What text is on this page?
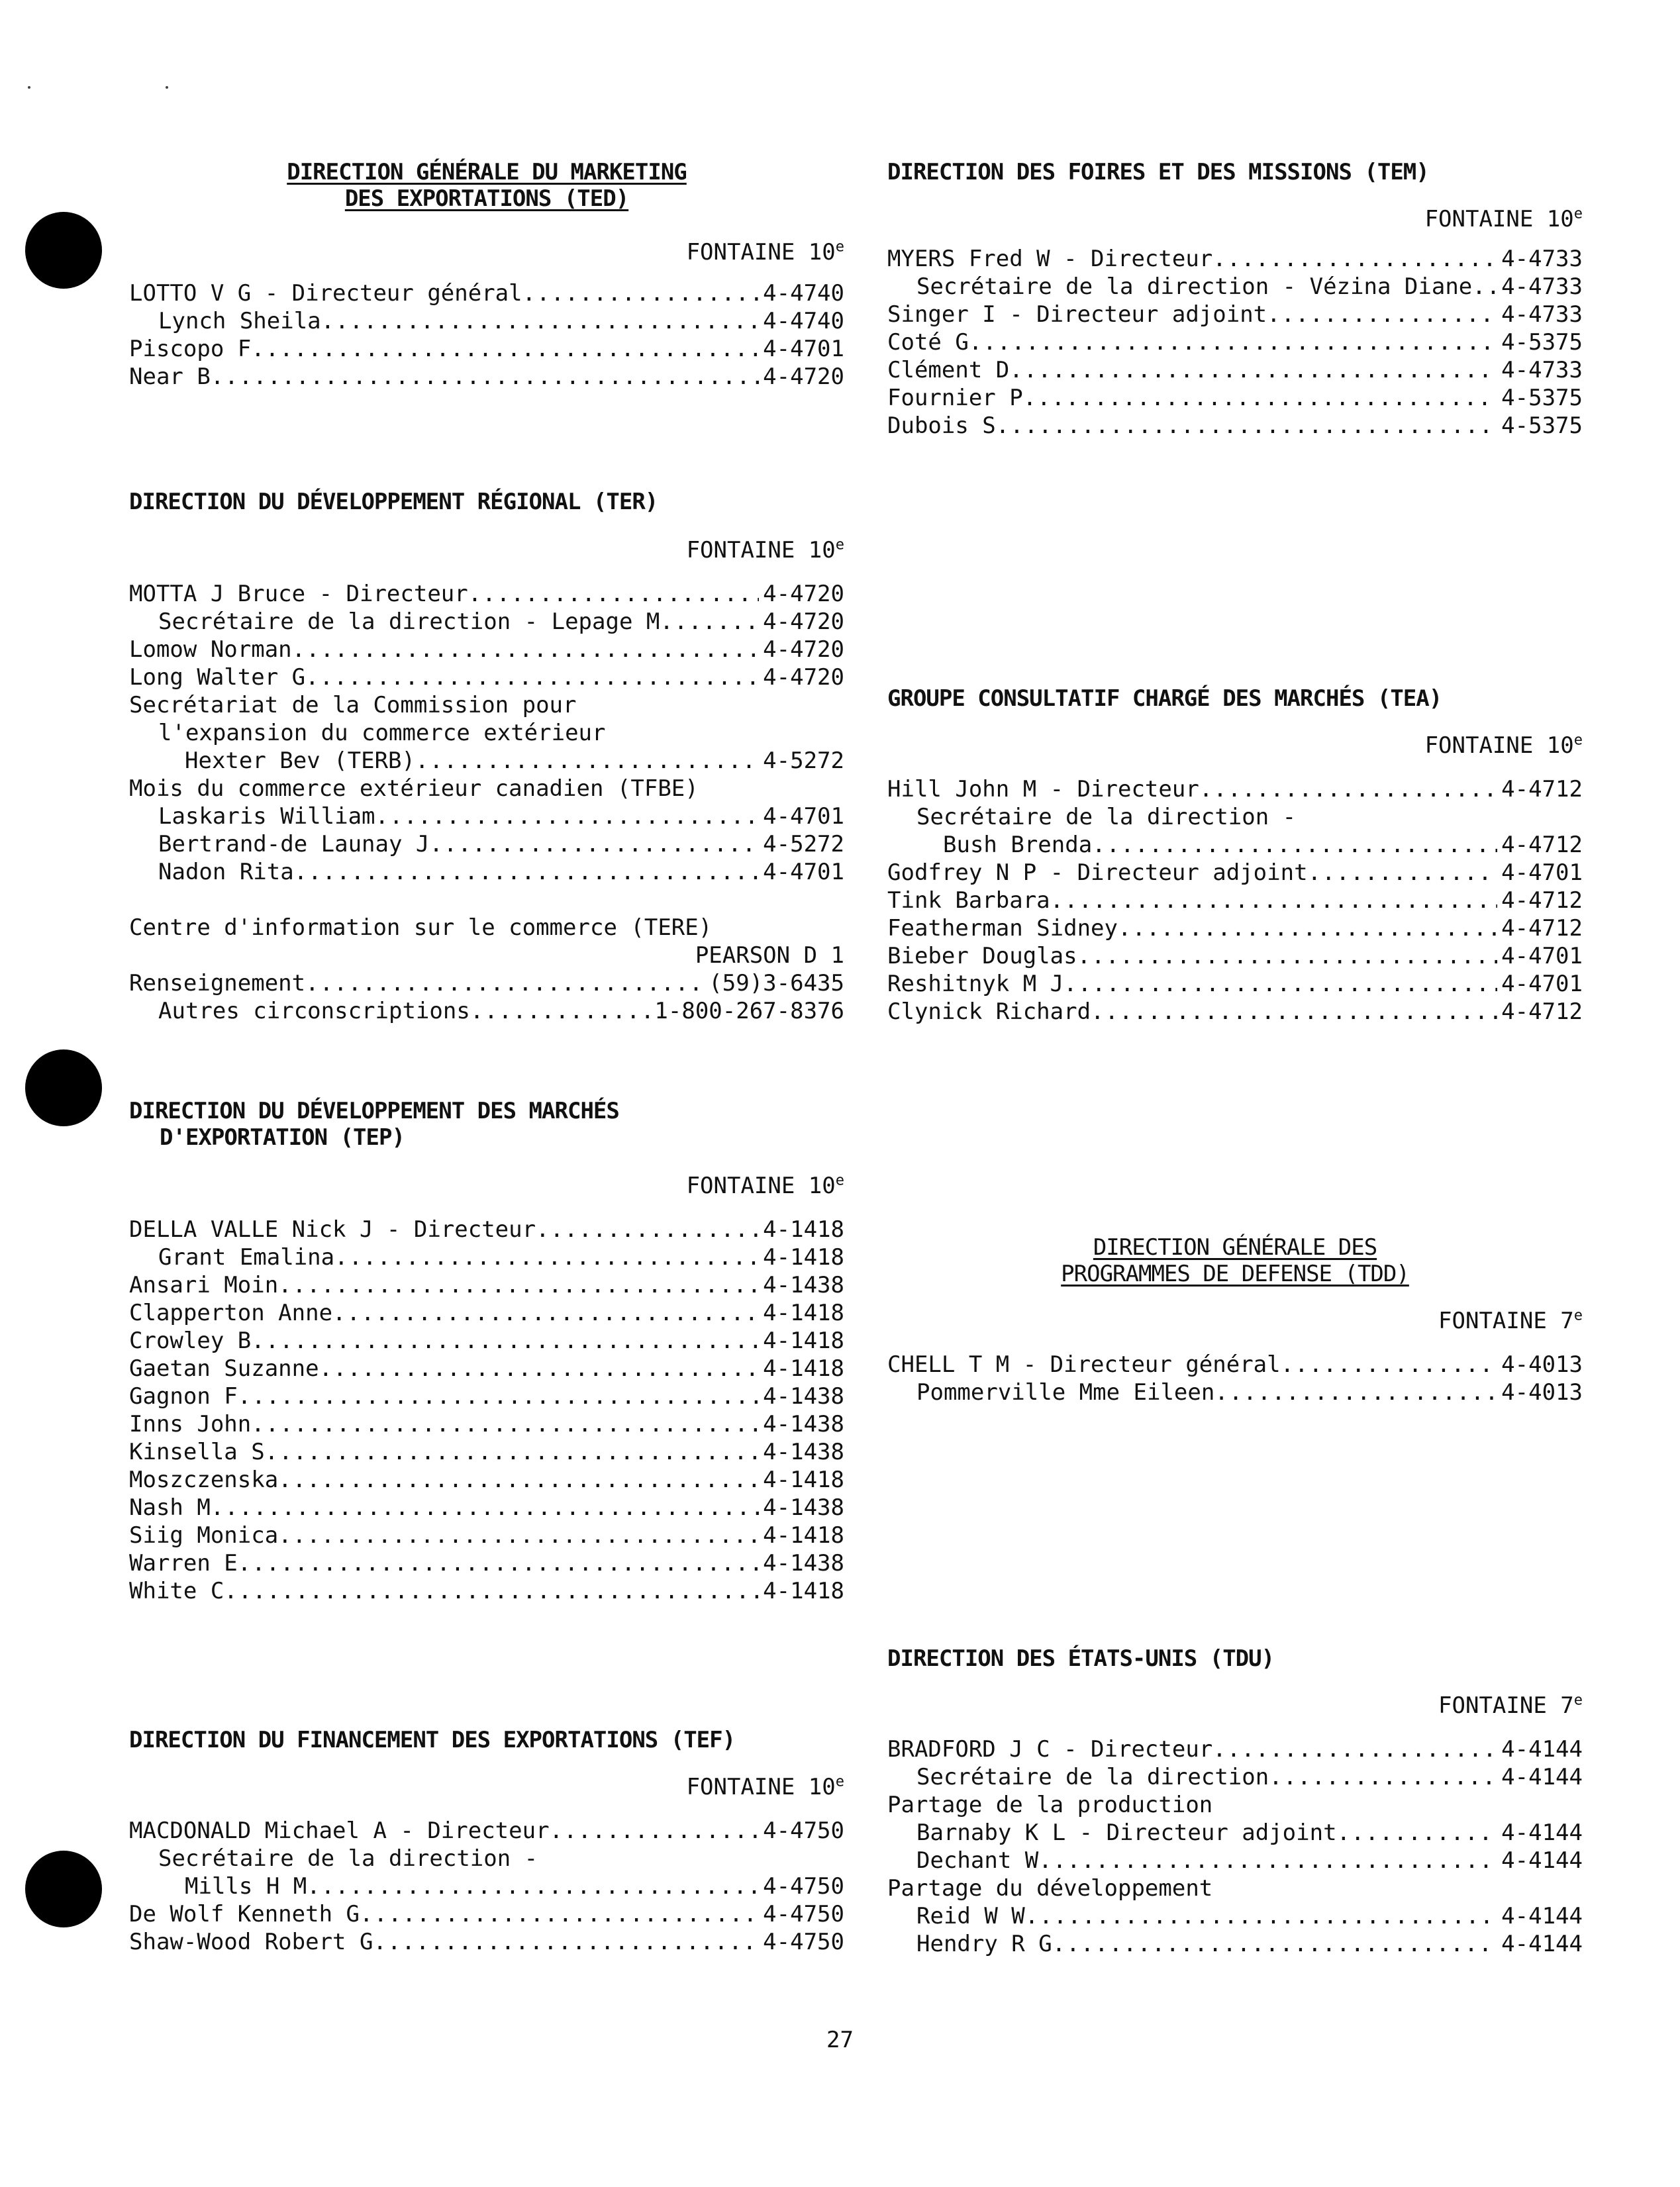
DIRECTION GÉNÉRALE DU MARKETING
DES EXPORTATIONS (TED)
FONTAINE 10e
LOTTO V G - Directeur général .....	4-4740
Lynch Sheila .....	4-4740
Piscopo F .....	4-4701
Near B .....	4-4720
DIRECTION DU DÉVELOPPEMENT RÉGIONAL (TER)
FONTAINE 10e
MOTTA J Bruce - Directeur .....	4-4720
Secrétaire de la direction - Lepage M .....	4-4720
Lomow Norman .....	4-4720
Long Walter G .....	4-4720
Secrétariat de la Commission pour
l'expansion du commerce extérieur
Hexter Bev (TERB) .....	4-5272
Mois du commerce extérieur canadien (TFBE)
Laskaris William .....	4-4701
Bertrand-de Launay J .....	4-5272
Nadon Rita .....	4-4701
Centre d'information sur le commerce (TERE)
PEARSON D 1
Renseignement .....	(59)3-6435
Autres circonscriptions .....	1-800-267-8376
DIRECTION DU DÉVELOPPEMENT DES MARCHÉS
D'EXPORTATION (TEP)
FONTAINE 10e
DELLA VALLE Nick J - Directeur .....	4-1418
Grant Emalina .....	4-1418
Ansari Moin .....	4-1438
Clapperton Anne .....	4-1418
Crowley B .....	4-1418
Gaetan Suzanne .....	4-1418
Gagnon F .....	4-1438
Inns John .....	4-1438
Kinsella S .....	4-1438
Moszczenska .....	4-1418
Nash M .....	4-1438
Siig Monica .....	4-1418
Warren E .....	4-1438
White C .....	4-1418
DIRECTION DU FINANCEMENT DES EXPORTATIONS (TEF)
FONTAINE 10e
MACDONALD Michael A - Directeur .....	4-4750
Secrétaire de la direction -
Mills H M .....	4-4750
De Wolf Kenneth G .....	4-4750
Shaw-Wood Robert G .....	4-4750
DIRECTION DES FOIRES ET DES MISSIONS (TEM)
FONTAINE 10e
MYERS Fred W - Directeur .....	4-4733
Secrétaire de la direction - Vézina Diane ..... 4-4733
Singer I - Directeur adjoint .....	4-4733
Coté G .....	4-5375
Clément D .....	4-4733
Fournier P .....	4-5375
Dubois S .....	4-5375
GROUPE CONSULTATIF CHARGÉ DES MARCHÉS (TEA)
FONTAINE 10e
Hill John M - Directeur .....	4-4712
Secrétaire de la direction -
Bush Brenda .....	4-4712
Godfrey N P - Directeur adjoint .....	4-4701
Tink Barbara .....	4-4712
Featherman Sidney .....	4-4712
Bieber Douglas .....	4-4701
Reshitnyk M J .....	4-4701
Clynick Richard .....	4-4712
DIRECTION GÉNÉRALE DES
PROGRAMMES DE DEFENSE (TDD)
FONTAINE 7e
CHELL T M - Directeur général .....	4-4013
Pommerville Mme Eileen .....	4-4013
DIRECTION DES ÉTATS-UNIS (TDU)
FONTAINE 7e
BRADFORD J C - Directeur .....	4-4144
Secrétaire de la direction .....	4-4144
Partage de la production
Barnaby K L - Directeur adjoint .....	4-4144
Dechant W .....	4-4144
Partage du développement
Reid W W .....	4-4144
Hendry R G .....	4-4144
27
